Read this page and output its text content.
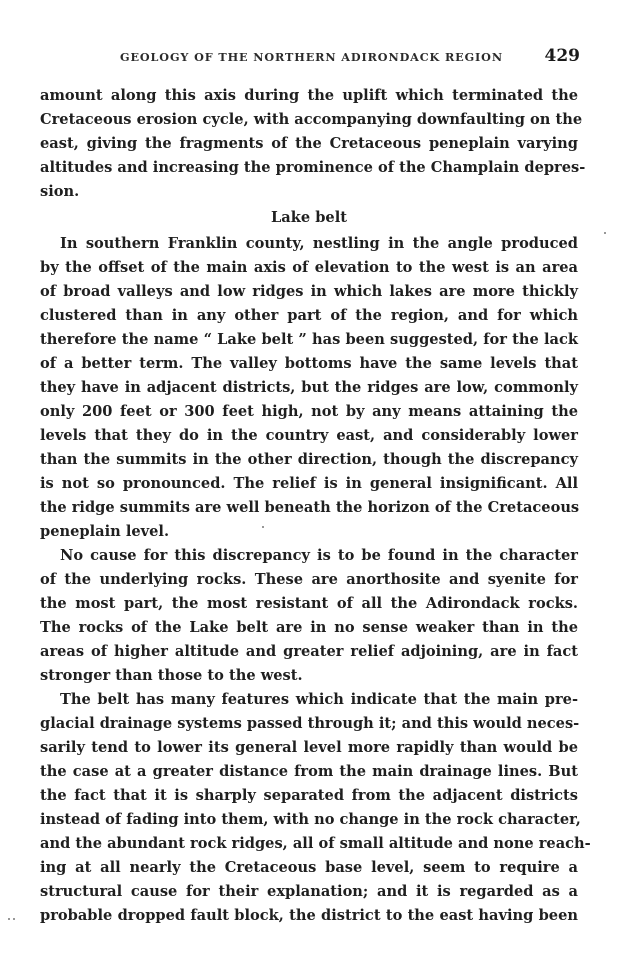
GEOLOGY OF THE NORTHERN ADIRONDACK REGION 429
amount along this axis during the uplift which terminated the
Cretaceous erosion cycle, with accompanying downfaulting on the
east, giving the fragments of the Cretaceous peneplain varying
altitudes and increasing the prominence of the Champlain depres-
sion.
Lake belt
In southern Franklin county, nestling in the angle produced
by the offset of the main axis of elevation to the west is an area
of broad valleys and low ridges in which lakes are more thickly
clustered than in any other part of the region, and for which
therefore the name “ Lake belt ” has been suggested, for the lack
of a better term. The valley bottoms have the same levels that
they have in adjacent districts, but the ridges are low, commonly
only 200 feet or 300 feet high, not by any means attaining the
levels that they do in the country east, and considerably lower
than the summits in the other direction, though the discrepancy
is not so pronounced. The relief is in general insignificant. All
the ridge summits are well beneath the horizon of the Cretaceous
peneplain level.
No cause for this discrepancy is to be found in the character
of the underlying rocks. These are anorthosite and syenite for
the most part, the most resistant of all the Adirondack rocks.
The rocks of the Lake belt are in no sense weaker than in the
areas of higher altitude and greater relief adjoining, are in fact
stronger than those to the west.
The belt has many features which indicate that the main pre-
glacial drainage systems passed through it; and this would neces-
sarily tend to lower its general level more rapidly than would be
the case at a greater distance from the main drainage lines. But
the fact that it is sharply separated from the adjacent districts
instead of fading into them, with no change in the rock character,
and the abundant rock ridges, all of small altitude and none reach-
ing at all nearly the Cretaceous base level, seem to require a
structural cause for their explanation; and it is regarded as a
probable dropped fault block, the district to the east having been
